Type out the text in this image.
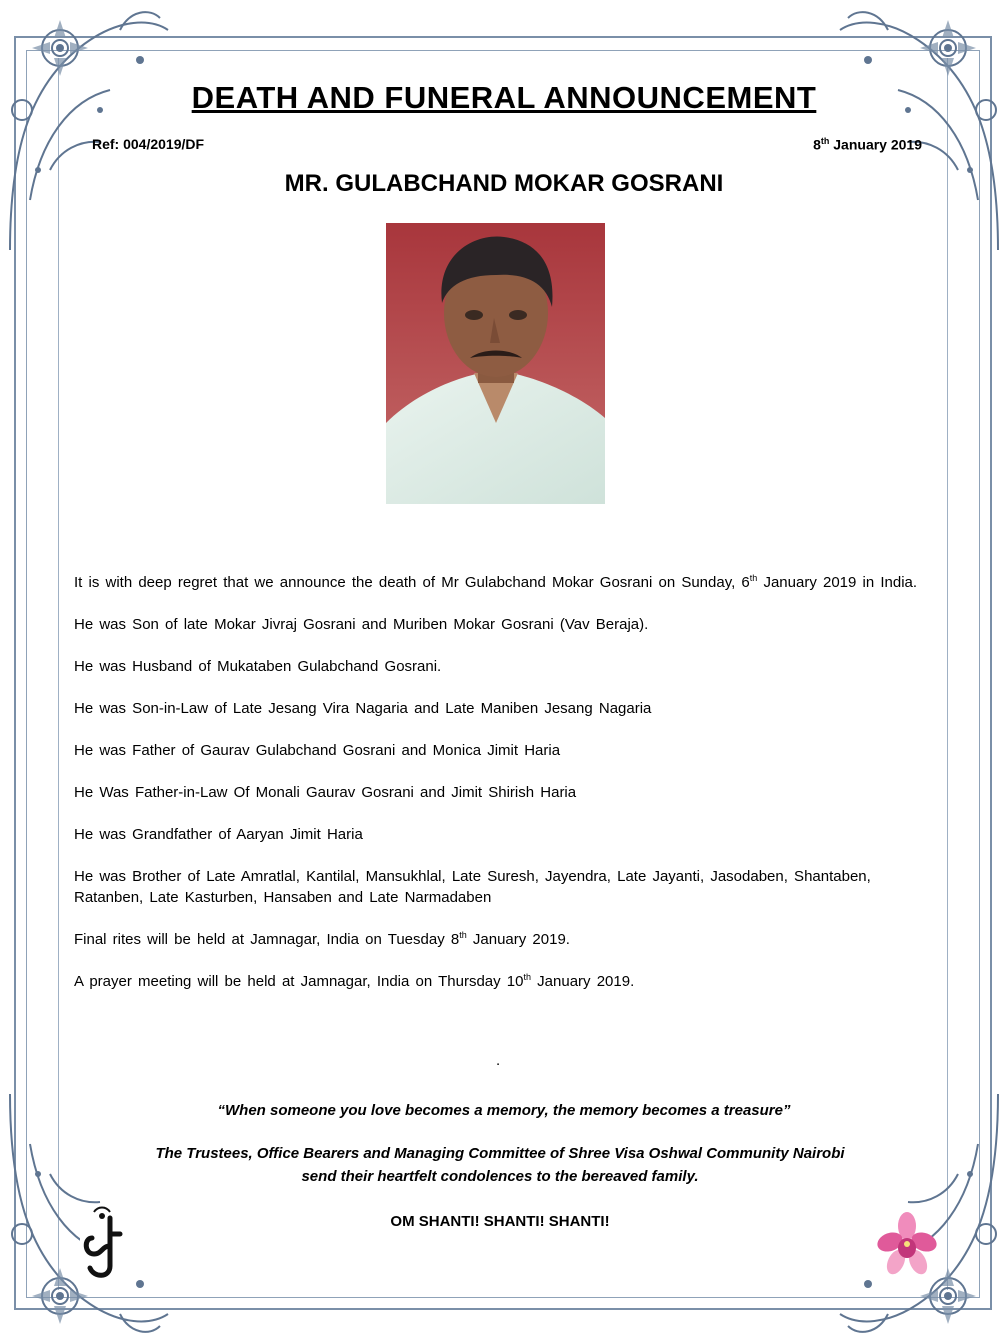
DEATH AND FUNERAL ANNOUNCEMENT
Ref: 004/2019/DF	8th January 2019
MR. GULABCHAND MOKAR GOSRANI

It is with deep regret that we announce the death of Mr Gulabchand Mokar Gosrani on Sunday, 6th January 2019 in India.

He was Son of late Mokar Jivraj Gosrani and Muriben Mokar Gosrani (Vav Beraja).

He was Husband of Mukataben Gulabchand Gosrani.

He was Son-in-Law of Late Jesang Vira Nagaria and Late Maniben Jesang Nagaria

He was Father of Gaurav Gulabchand Gosrani and Monica Jimit Haria

He Was Father-in-Law Of Monali Gaurav Gosrani and Jimit Shirish Haria

He was Grandfather of Aaryan Jimit Haria

He was Brother of Late Amratlal, Kantilal, Mansukhlal, Late Suresh, Jayendra, Late Jayanti, Jasodaben, Shantaben, Ratanben, Late Kasturben, Hansaben and Late Narmadaben

Final rites will be held at Jamnagar, India on Tuesday 8th January 2019.

A prayer meeting will be held at Jamnagar, India on Thursday 10th January 2019.

.
“When someone you love becomes a memory, the memory becomes a treasure”
The Trustees, Office Bearers and Managing Committee of Shree Visa Oshwal Community Nairobi
send their heartfelt condolences to the bereaved family.
OM SHANTI! SHANTI! SHANTI!
